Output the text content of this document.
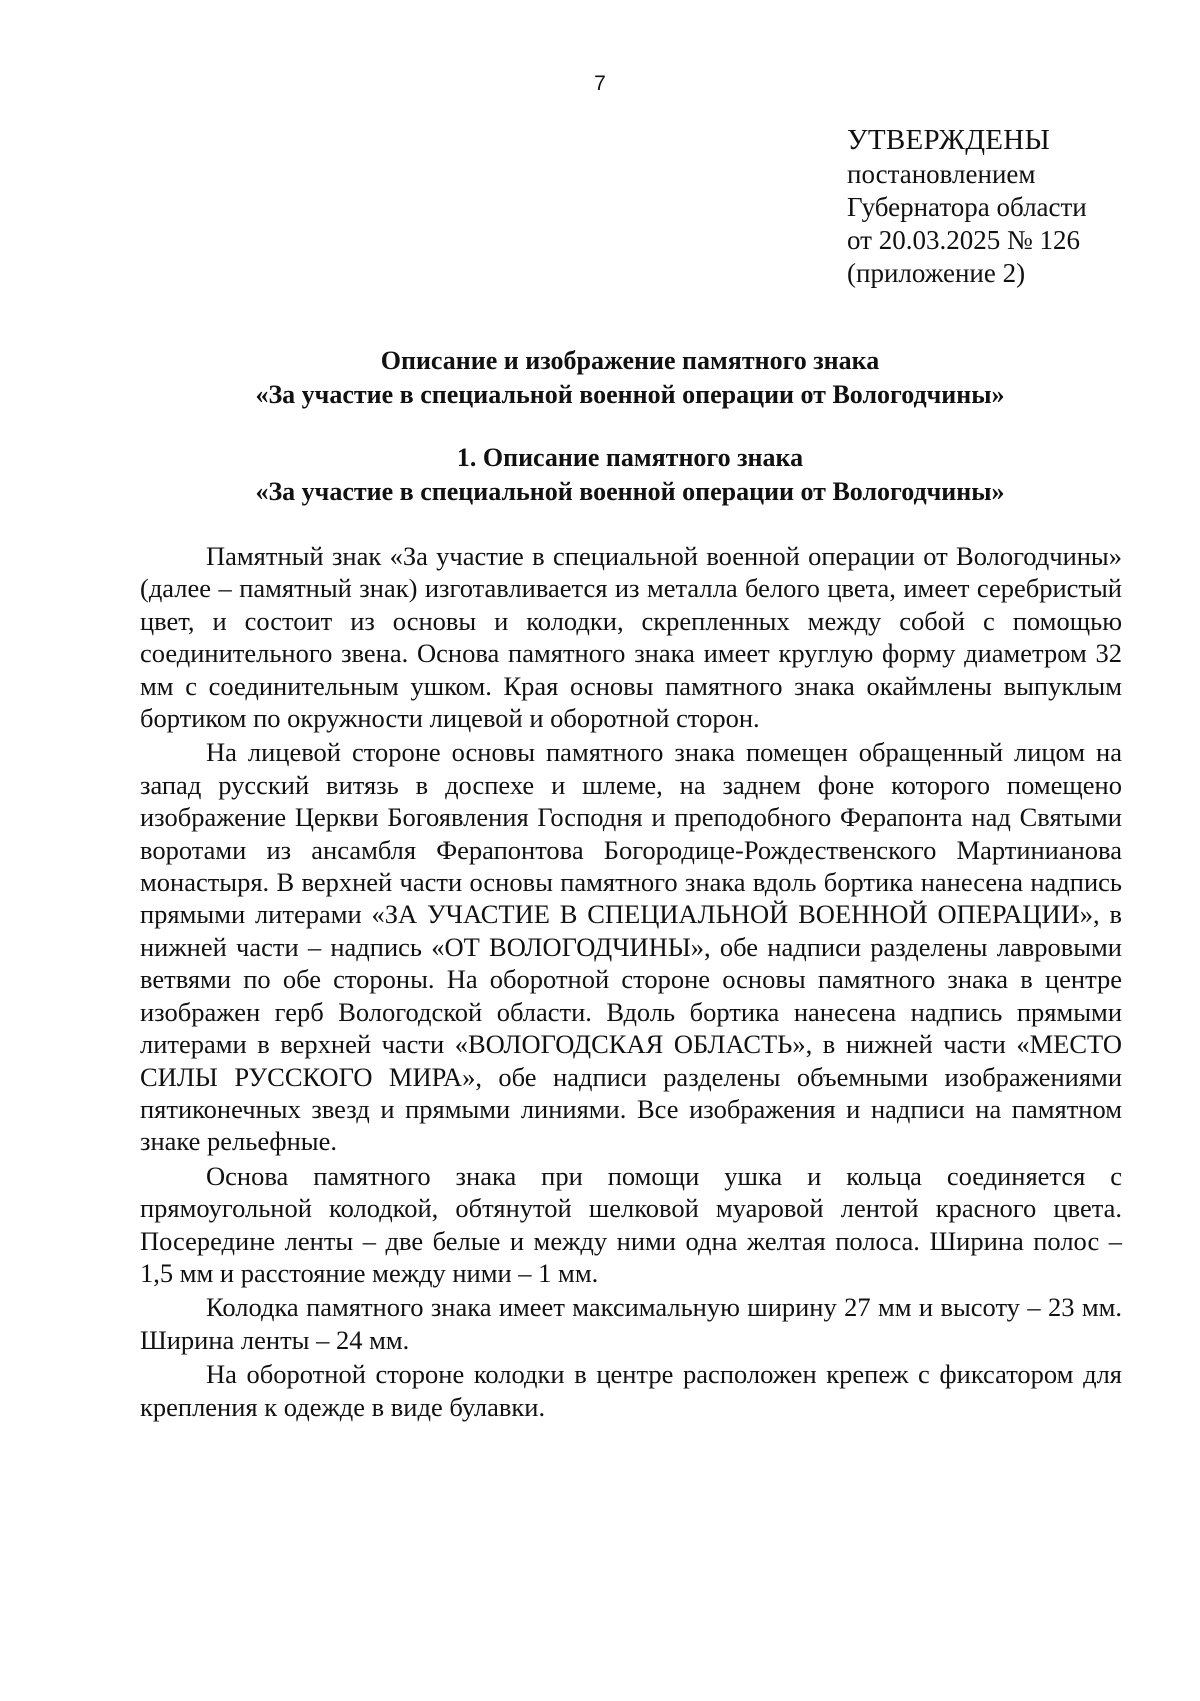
7
УТВЕРЖДЕНЫ
постановлением
Губернатора области
от 20.03.2025 № 126
(приложение 2)
Описание и изображение памятного знака
«За участие в специальной военной операции от Вологодчины»
1. Описание памятного знака
«За участие в специальной военной операции от Вологодчины»

Памятный знак «За участие в специальной военной операции от Вологодчины» (далее – памятный знак) изготавливается из металла белого цвета, имеет серебристый цвет, и состоит из основы и колодки, скрепленных между собой с помощью соединительного звена. Основа памятного знака имеет круглую форму диаметром 32 мм с соединительным ушком. Края основы памятного знака окаймлены выпуклым бортиком по окружности лицевой и оборотной сторон.

На лицевой стороне основы памятного знака помещен обращенный лицом на запад русский витязь в доспехе и шлеме, на заднем фоне которого помещено изображение Церкви Богоявления Господня и преподобного Ферапонта над Святыми воротами из ансамбля Ферапонтова Богородице-Рождественского Мартинианова монастыря. В верхней части основы памятного знака вдоль бортика нанесена надпись прямыми литерами «ЗА УЧАСТИЕ В СПЕЦИАЛЬНОЙ ВОЕННОЙ ОПЕРАЦИИ», в нижней части – надпись «ОТ ВОЛОГОДЧИНЫ», обе надписи разделены лавровыми ветвями по обе стороны. На оборотной стороне основы памятного знака в центре изображен герб Вологодской области. Вдоль бортика нанесена надпись прямыми литерами в верхней части «ВОЛОГОДСКАЯ ОБЛАСТЬ», в нижней части «МЕСТО СИЛЫ РУССКОГО МИРА», обе надписи разделены объемными изображениями пятиконечных звезд и прямыми линиями. Все изображения и надписи на памятном знаке рельефные.

Основа памятного знака при помощи ушка и кольца соединяется с прямоугольной колодкой, обтянутой шелковой муаровой лентой красного цвета. Посередине ленты – две белые и между ними одна желтая полоса. Ширина полос – 1,5 мм и расстояние между ними – 1 мм.

Колодка памятного знака имеет максимальную ширину 27 мм и высоту – 23 мм. Ширина ленты – 24 мм.

На оборотной стороне колодки в центре расположен крепеж с фиксатором для крепления к одежде в виде булавки.
